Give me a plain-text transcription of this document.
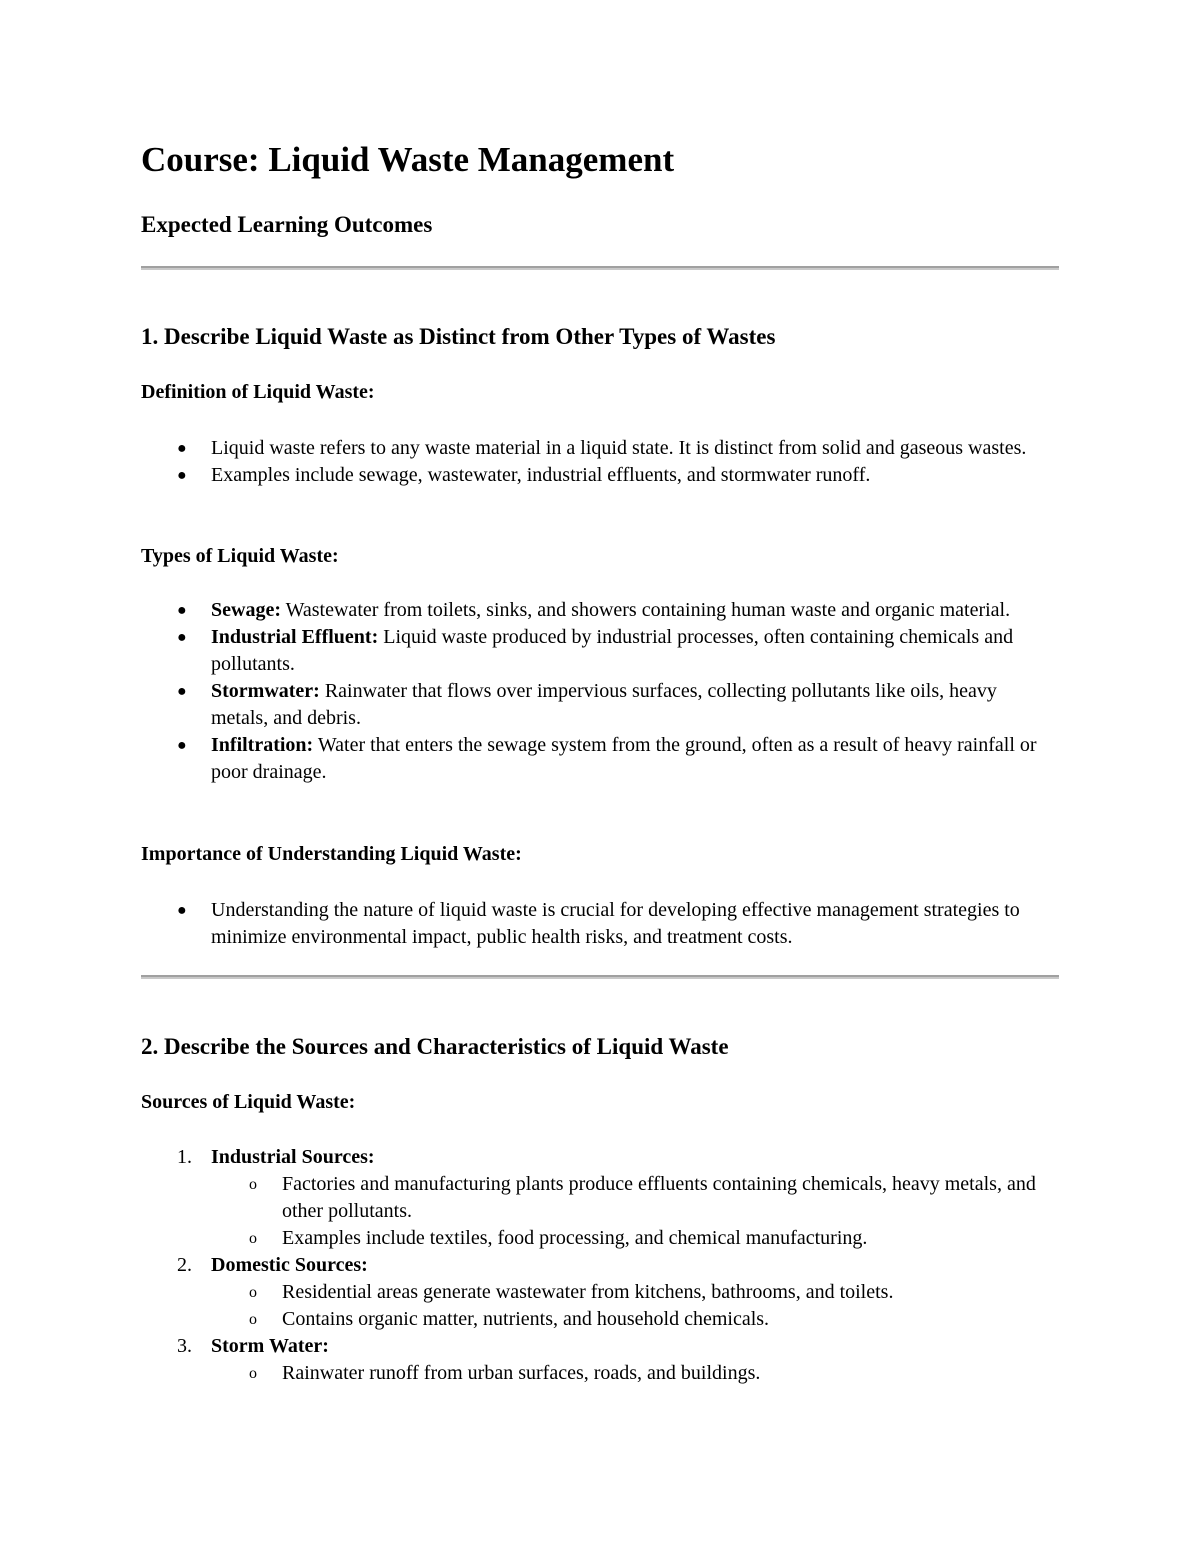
Course: Liquid Waste Management
Expected Learning Outcomes
1. Describe Liquid Waste as Distinct from Other Types of Wastes
Definition of Liquid Waste:
● Liquid waste refers to any waste material in a liquid state. It is distinct from solid and gaseous wastes.
● Examples include sewage, wastewater, industrial effluents, and stormwater runoff.
Types of Liquid Waste:
● Sewage: Wastewater from toilets, sinks, and showers containing human waste and organic material.
● Industrial Effluent: Liquid waste produced by industrial processes, often containing chemicals and pollutants.
● Stormwater: Rainwater that flows over impervious surfaces, collecting pollutants like oils, heavy metals, and debris.
● Infiltration: Water that enters the sewage system from the ground, often as a result of heavy rainfall or poor drainage.
Importance of Understanding Liquid Waste:
● Understanding the nature of liquid waste is crucial for developing effective management strategies to minimize environmental impact, public health risks, and treatment costs.
2. Describe the Sources and Characteristics of Liquid Waste
Sources of Liquid Waste:
1. Industrial Sources:
o Factories and manufacturing plants produce effluents containing chemicals, heavy metals, and other pollutants.
o Examples include textiles, food processing, and chemical manufacturing.
2. Domestic Sources:
o Residential areas generate wastewater from kitchens, bathrooms, and toilets.
o Contains organic matter, nutrients, and household chemicals.
3. Storm Water:
o Rainwater runoff from urban surfaces, roads, and buildings.
